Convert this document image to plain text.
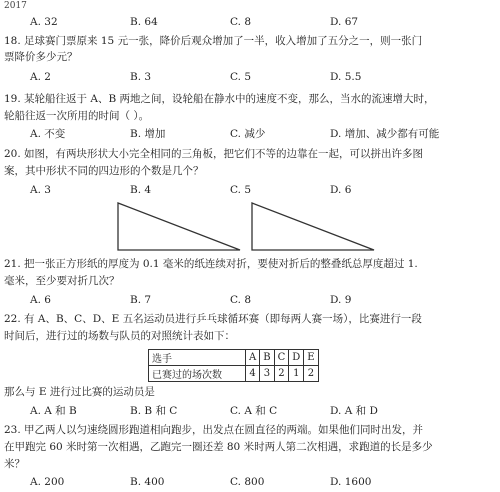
2017
A. 32	B. 64	C. 8	D. 67
18. 足球赛门票原来 15 元一张，降价后观众增加了一半，收入增加了五分之一，则一张门
票降价多少元？
A. 2	B. 3	C. 5	D. 5.5
19. 某轮船往返于 A、B 两地之间，设轮船在静水中的速度不变，那么，当水的流速增大时，
轮船往返一次所用的时间（ ）。
A. 不变	B. 增加	C. 减少	D. 增加、减少都有可能
20. 如图，有两块形状大小完全相同的三角板，把它们不等的边靠在一起，可以拼出许多图
案，其中形状不同的四边形的个数是几个？
A. 3	B. 4	C. 5	D. 6
21. 把一张正方形纸的厚度为 0.1 毫米的纸连续对折，要使对折后的整叠纸总厚度超过 1.
毫米，至少要对折几次？
A. 6	B. 7	C. 8	D. 9
22. 有 A、B、C、D、E 五名运动员进行乒乓球循环赛（即每两人赛一场），比赛进行一段
时间后，进行过的场数与队员的对照统计表如下：
选手	A	B	C	D	E
已赛过的场次数	4	3	2	1	2
那么与 E 进行过比赛的运动员是
A. A 和 B	B. B 和 C	C. A 和 C	D. A 和 D
23. 甲乙两人以匀速绕圆形跑道相向跑步，出发点在圆直径的两端。如果他们同时出发，并
在甲跑完 60 米时第一次相遇，乙跑完一圈还差 80 米时两人第二次相遇，求跑道的长是多少
米？
A. 200	B. 400	C. 800	D. 1600
